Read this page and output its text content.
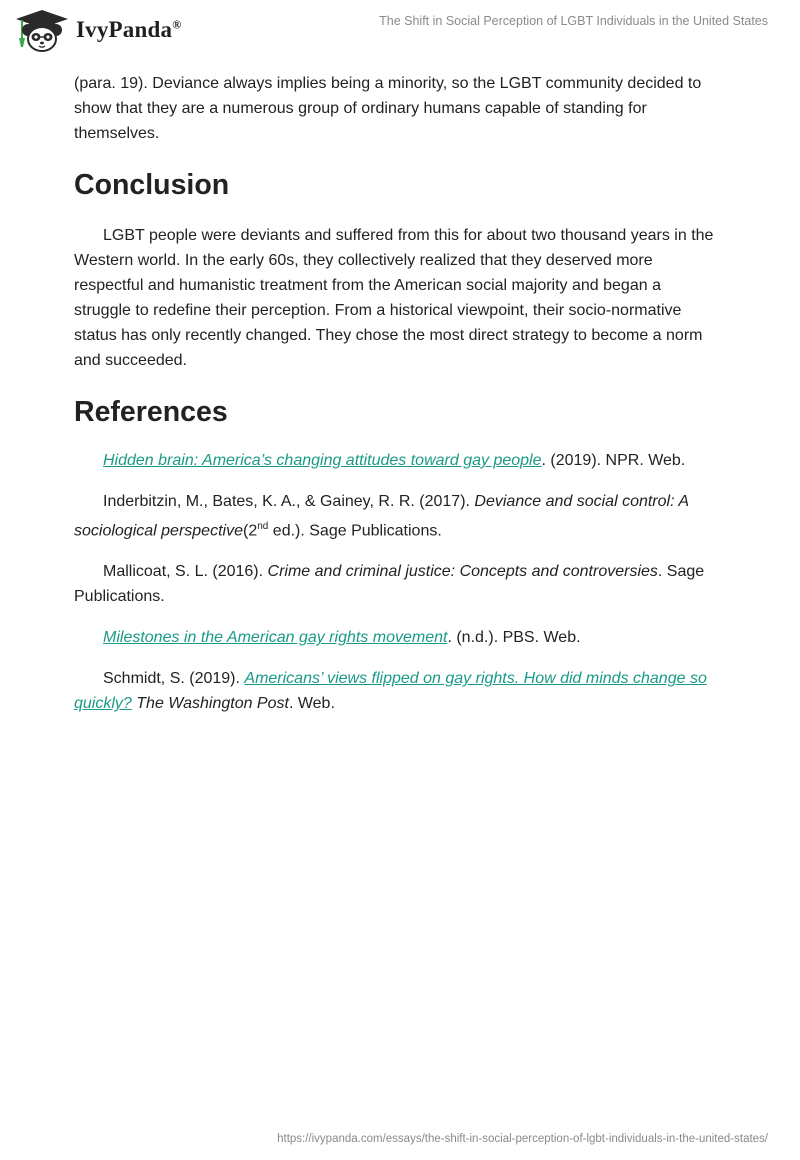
IvyPanda®	The Shift in Social Perception of LGBT Individuals in the United States

(para. 19). Deviance always implies being a minority, so the LGBT community decided to show that they are a numerous group of ordinary humans capable of standing for themselves.

Conclusion

LGBT people were deviants and suffered from this for about two thousand years in the Western world. In the early 60s, they collectively realized that they deserved more respectful and humanistic treatment from the American social majority and began a struggle to redefine their perception. From a historical viewpoint, their socio-normative status has only recently changed. They chose the most direct strategy to become a norm and succeeded.

References

Hidden brain: America’s changing attitudes toward gay people. (2019). NPR. Web.

Inderbitzin, M., Bates, K. A., & Gainey, R. R. (2017). Deviance and social control: A sociological perspective(2nd ed.). Sage Publications.

Mallicoat, S. L. (2016). Crime and criminal justice: Concepts and controversies. Sage Publications.

Milestones in the American gay rights movement. (n.d.). PBS. Web.

Schmidt, S. (2019). Americans’ views flipped on gay rights. How did minds change so quickly? The Washington Post. Web.

https://ivypanda.com/essays/the-shift-in-social-perception-of-lgbt-individuals-in-the-united-states/
